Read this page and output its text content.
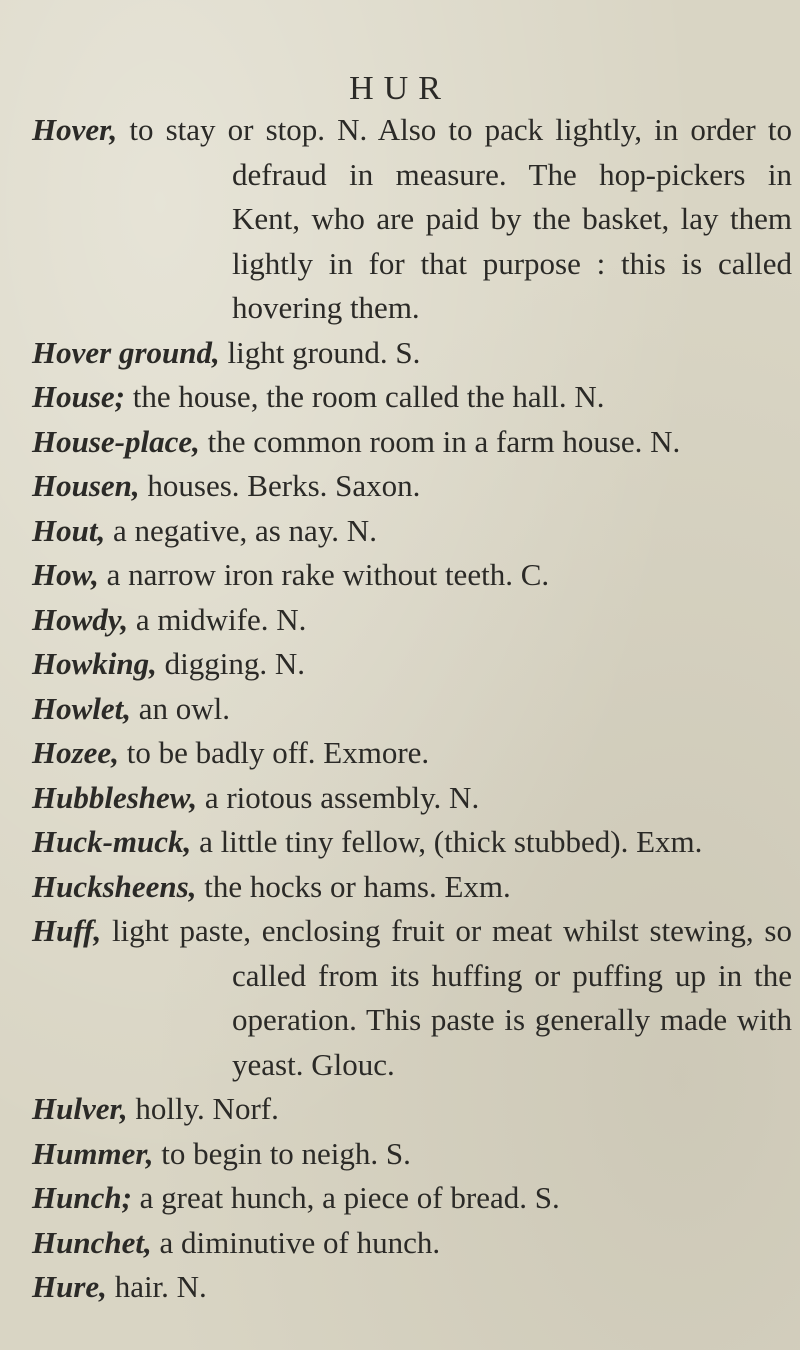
HUR

Hover, to stay or stop. N. Also to pack lightly, in order to defraud in measure. The hop-pickers in Kent, who are paid by the basket, lay them lightly in for that purpose : this is called hovering them.

Hover ground, light ground. S.

House; the house, the room called the hall. N.

House-place, the common room in a farm house. N.

Housen, houses. Berks. Saxon.

Hout, a negative, as nay. N.

How, a narrow iron rake without teeth. C.

Howdy, a midwife. N.

Howking, digging. N.

Howlet, an owl.

Hozee, to be badly off. Exmore.

Hubbleshew, a riotous assembly. N.

Huck-muck, a little tiny fellow, (thick stubbed). Exm.

Hucksheens, the hocks or hams. Exm.

Huff, light paste, enclosing fruit or meat whilst stewing, so called from its huffing or puffing up in the operation. This paste is generally made with yeast. Glouc.

Hulver, holly. Norf.

Hummer, to begin to neigh. S.

Hunch; a great hunch, a piece of bread. S.

Hunchet, a diminutive of hunch.

Hure, hair. N.
